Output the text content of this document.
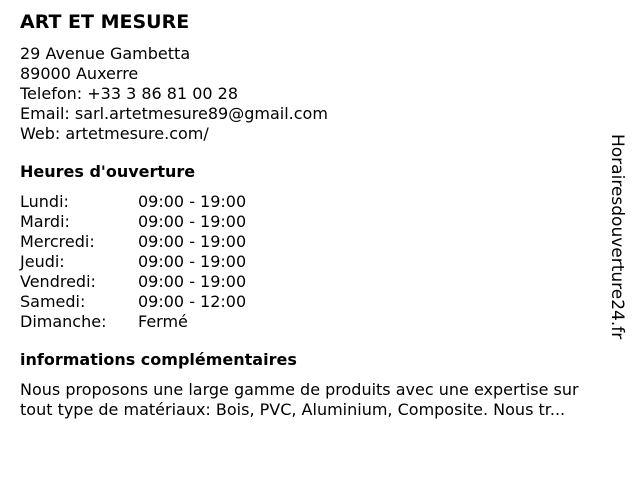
ART ET MESURE
29 Avenue Gambetta
89000 Auxerre
Telefon: +33 3 86 81 00 28
Email: sarl.artetmesure89@gmail.com
Web: artetmesure.com/
Heures d'ouverture
Lundi:	09:00 - 19:00
Mardi:	09:00 - 19:00
Mercredi:	09:00 - 19:00
Jeudi:	09:00 - 19:00
Vendredi:	09:00 - 19:00
Samedi:	09:00 - 12:00
Dimanche:	Fermé
informations complémentaires
Nous proposons une large gamme de produits avec une expertise sur
tout type de matériaux: Bois, PVC, Aluminium, Composite. Nous tr...
Horairesdouverture24.fr
